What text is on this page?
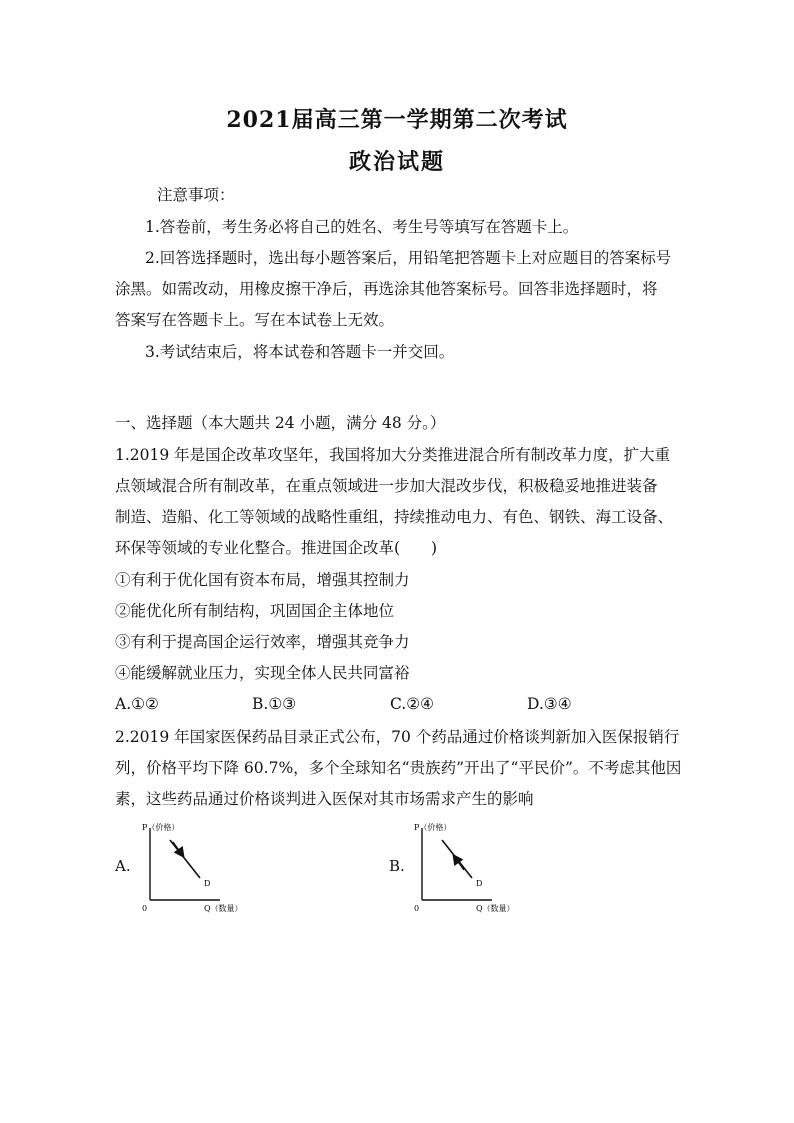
2021届高三第一学期第二次考试
政治试题
注意事项：
1.答卷前，考生务必将自己的姓名、考生号等填写在答题卡上。
2.回答选择题时，选出每小题答案后，用铅笔把答题卡上对应题目的答案标号
涂黑。如需改动，用橡皮擦干净后，再选涂其他答案标号。回答非选择题时，将
答案写在答题卡上。写在本试卷上无效。
3.考试结束后，将本试卷和答题卡一并交回。
一、选择题（本大题共 24 小题，满分 48 分。）
1.2019 年是国企改革攻坚年，我国将加大分类推进混合所有制改革力度，扩大重
点领域混合所有制改革，在重点领域进一步加大混改步伐，积极稳妥地推进装备
制造、造船、化工等领域的战略性重组，持续推动电力、有色、钢铁、海工设备、
环保等领域的专业化整合。推进国企改革(　　)
①有利于优化国有资本布局，增强其控制力
②能优化所有制结构，巩固国企主体地位
③有利于提高国企运行效率，增强其竞争力
④能缓解就业压力，实现全体人民共同富裕
A.①②	B.①③	C.②④	D.③④
2.2019 年国家医保药品目录正式公布，70 个药品通过价格谈判新加入医保报销行
列，价格平均下降 60.7%，多个全球知名“贵族药”开出了“平民价”。不考虑其他因
素，这些药品通过价格谈判进入医保对其市场需求产生的影响
A.
P（价格）
Q（数量）
0
D
B.
P（价格）
Q（数量）
0
D
